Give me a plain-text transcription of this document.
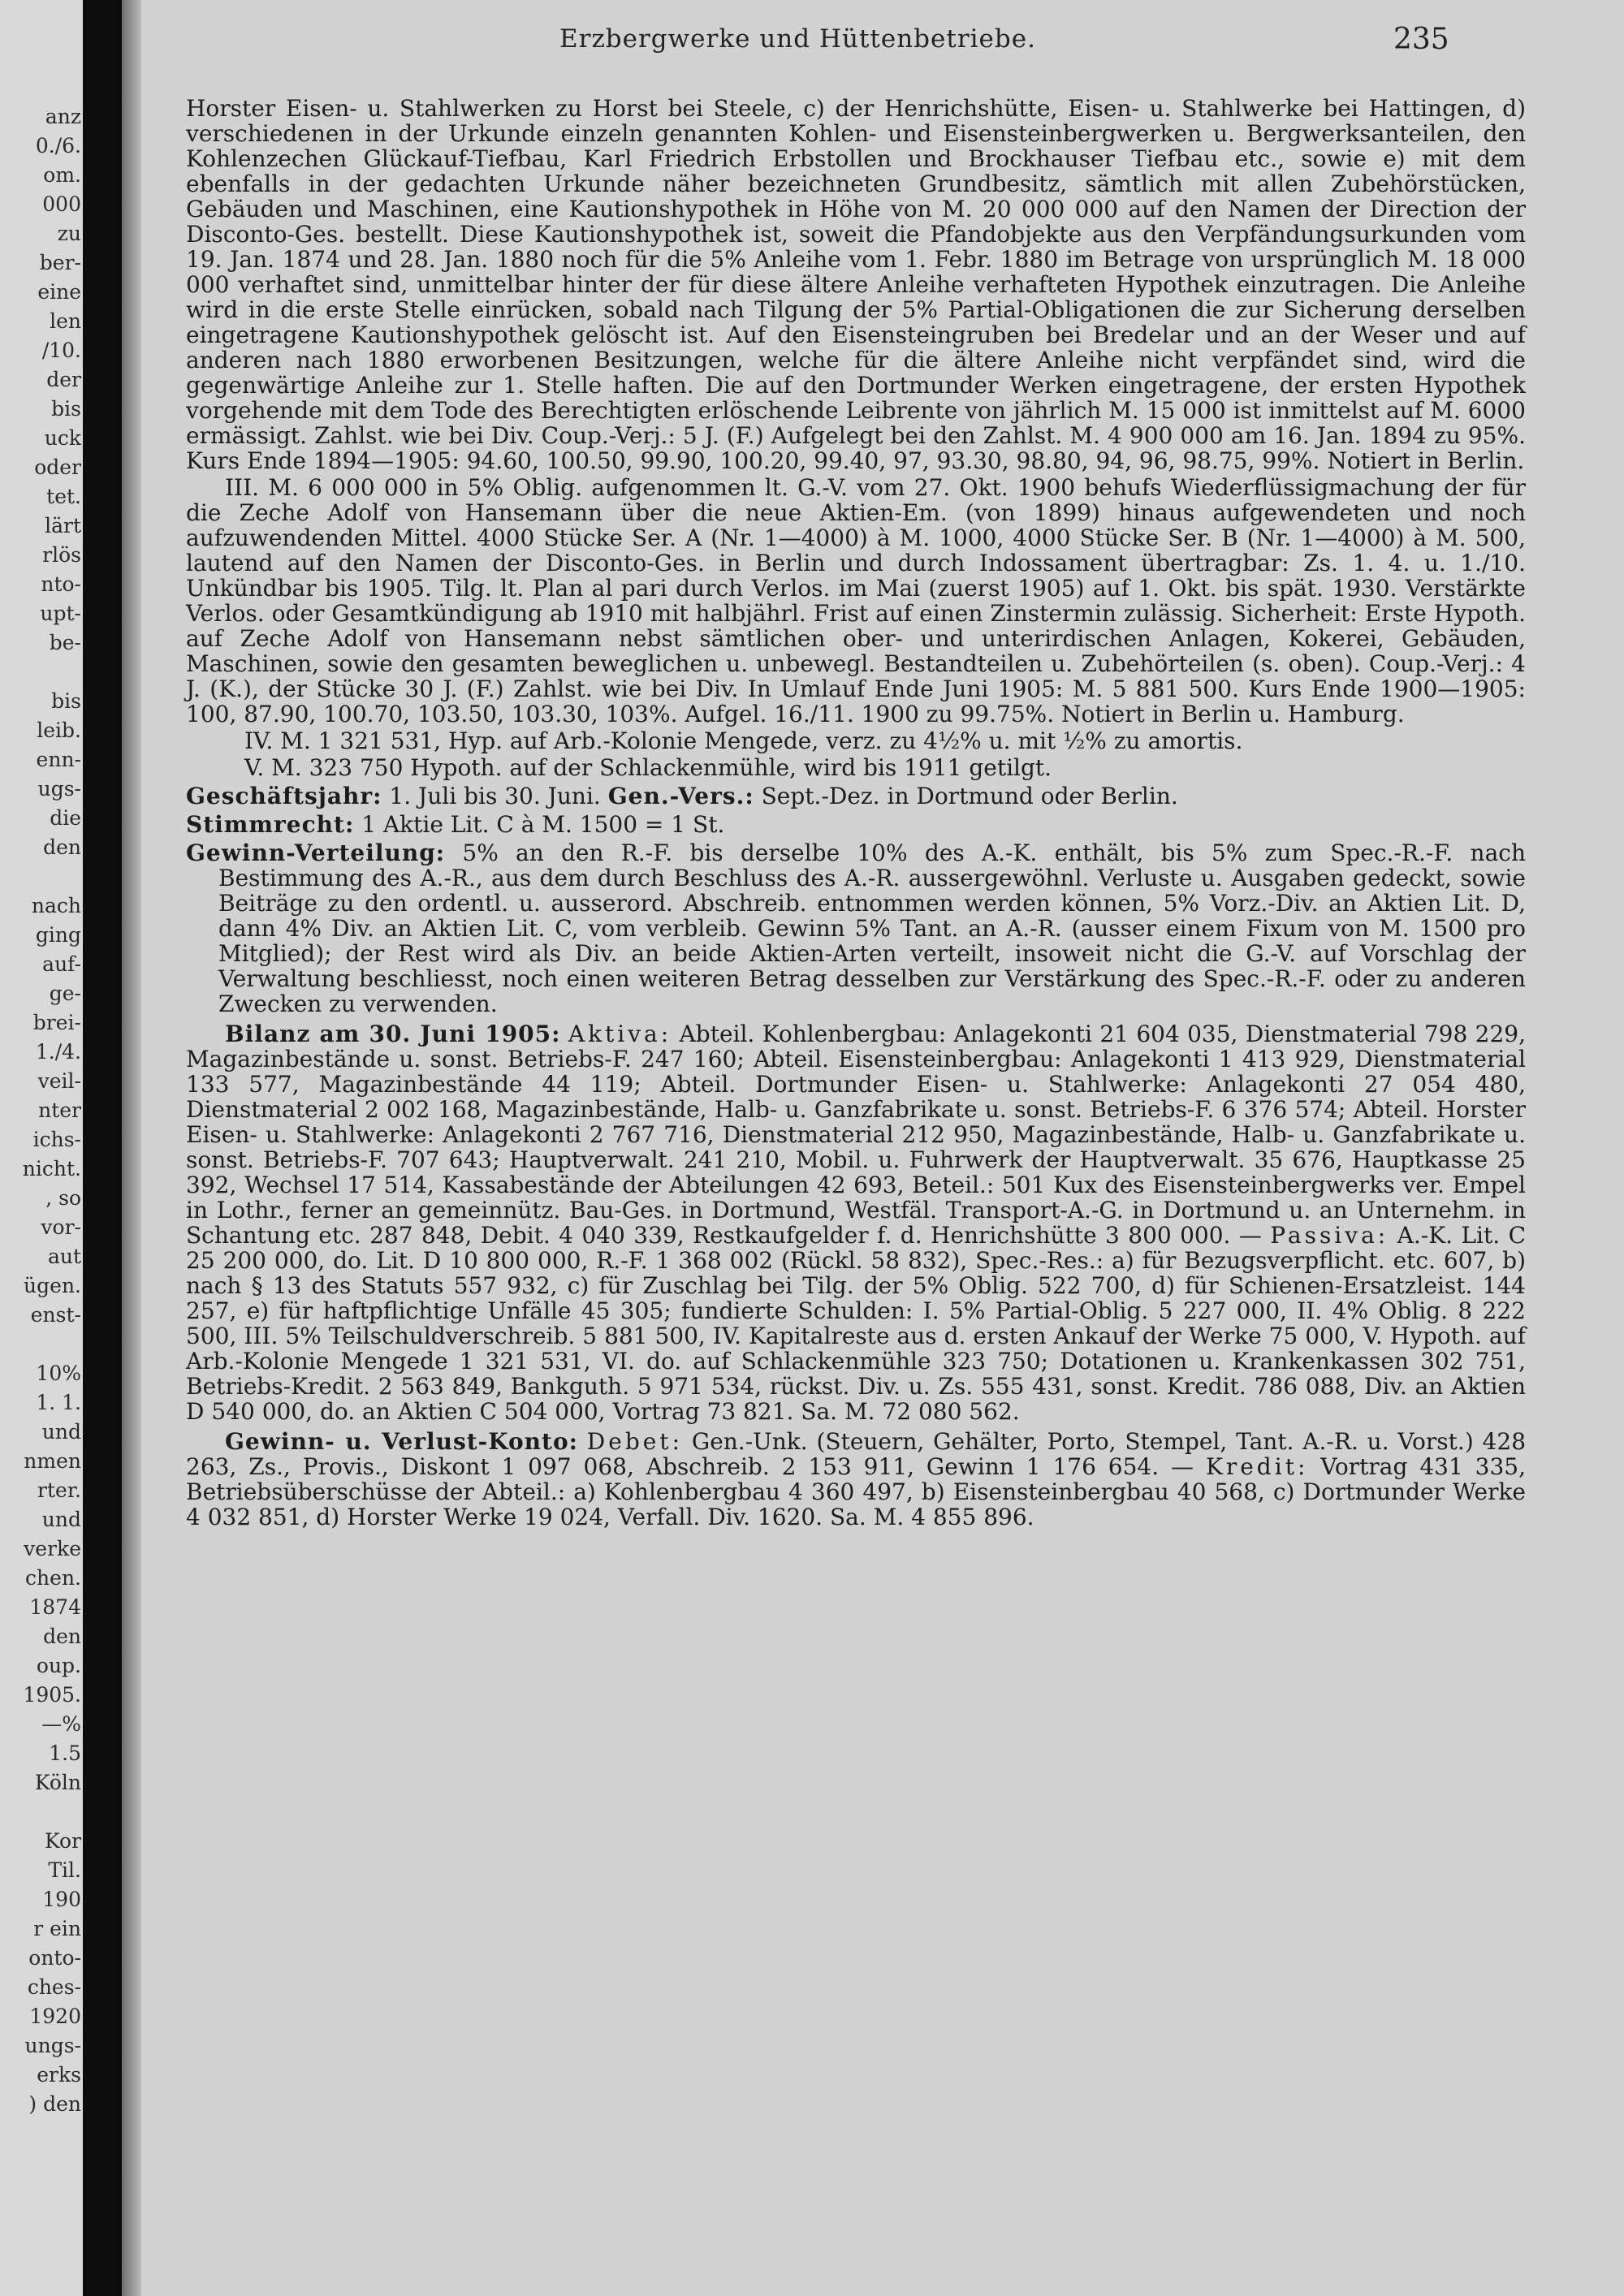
anz
0./6.
om.
000
zu
ber-
eine
len
/10.
der
bis
uck
oder
tet.
lärt
rlös
nto-
upt-
be-
bis
leib.
enn-
ugs-
die
den
nach
ging
auf-
ge-
brei-
1./4.
veil-
nter
ichs-
nicht.
, so
vor-
aut
ügen.
enst-
10%
1. 1.
und
nmen
rter.
und
verke
chen.
1874
den
oup.
1905.
—%
1.5
Köln
Kor
Til.
190
r ein
onto-
ches-
1920
ungs-
erks
) den
Erzbergwerke und Hüttenbetriebe.	235

Horster Eisen- u. Stahlwerken zu Horst bei Steele, c) der Henrichshütte, Eisen- u. Stahlwerke bei Hattingen, d) verschiedenen in der Urkunde einzeln genannten Kohlen- und Eisensteinbergwerken u. Bergwerksanteilen, den Kohlenzechen Glückauf-Tiefbau, Karl Friedrich Erbstollen und Brockhauser Tiefbau etc., sowie e) mit dem ebenfalls in der gedachten Urkunde näher bezeichneten Grundbesitz, sämtlich mit allen Zubehörstücken, Gebäuden und Maschinen, eine Kautionshypothek in Höhe von M. 20 000 000 auf den Namen der Direction der Disconto-Ges. bestellt. Diese Kautionshypothek ist, soweit die Pfandobjekte aus den Verpfändungsurkunden vom 19. Jan. 1874 und 28. Jan. 1880 noch für die 5% Anleihe vom 1. Febr. 1880 im Betrage von ursprünglich M. 18 000 000 verhaftet sind, unmittelbar hinter der für diese ältere Anleihe verhafteten Hypothek einzutragen. Die Anleihe wird in die erste Stelle einrücken, sobald nach Tilgung der 5% Partial-Obligationen die zur Sicherung derselben eingetragene Kautionshypothek gelöscht ist. Auf den Eisensteingruben bei Bredelar und an der Weser und auf anderen nach 1880 erworbenen Besitzungen, welche für die ältere Anleihe nicht verpfändet sind, wird die gegenwärtige Anleihe zur 1. Stelle haften. Die auf den Dortmunder Werken eingetragene, der ersten Hypothek vorgehende mit dem Tode des Berechtigten erlöschende Leibrente von jährlich M. 15 000 ist inmittelst auf M. 6000 ermässigt. Zahlst. wie bei Div. Coup.-Verj.: 5 J. (F.) Aufgelegt bei den Zahlst. M. 4 900 000 am 16. Jan. 1894 zu 95%. Kurs Ende 1894—1905: 94.60, 100.50, 99.90, 100.20, 99.40, 97, 93.30, 98.80, 94, 96, 98.75, 99%. Notiert in Berlin.

III. M. 6 000 000 in 5% Oblig. aufgenommen lt. G.-V. vom 27. Okt. 1900 behufs Wiederflüssigmachung der für die Zeche Adolf von Hansemann über die neue Aktien-Em. (von 1899) hinaus aufgewendeten und noch aufzuwendenden Mittel. 4000 Stücke Ser. A (Nr. 1—4000) à M. 1000, 4000 Stücke Ser. B (Nr. 1—4000) à M. 500, lautend auf den Namen der Disconto-Ges. in Berlin und durch Indossament übertragbar: Zs. 1. 4. u. 1./10. Unkündbar bis 1905. Tilg. lt. Plan al pari durch Verlos. im Mai (zuerst 1905) auf 1. Okt. bis spät. 1930. Verstärkte Verlos. oder Gesamtkündigung ab 1910 mit halbjährl. Frist auf einen Zinstermin zulässig. Sicherheit: Erste Hypoth. auf Zeche Adolf von Hansemann nebst sämtlichen ober- und unterirdischen Anlagen, Kokerei, Gebäuden, Maschinen, sowie den gesamten beweglichen u. unbewegl. Bestandteilen u. Zubehörteilen (s. oben). Coup.-Verj.: 4 J. (K.), der Stücke 30 J. (F.) Zahlst. wie bei Div. In Umlauf Ende Juni 1905: M. 5 881 500. Kurs Ende 1900—1905: 100, 87.90, 100.70, 103.50, 103.30, 103%. Aufgel. 16./11. 1900 zu 99.75%. Notiert in Berlin u. Hamburg.

IV. M. 1 321 531, Hyp. auf Arb.-Kolonie Mengede, verz. zu 4½% u. mit ½% zu amortis.

V. M. 323 750 Hypoth. auf der Schlackenmühle, wird bis 1911 getilgt.

Geschäftsjahr: 1. Juli bis 30. Juni. Gen.-Vers.: Sept.-Dez. in Dortmund oder Berlin.

Stimmrecht: 1 Aktie Lit. C à M. 1500 = 1 St.

Gewinn-Verteilung: 5% an den R.-F. bis derselbe 10% des A.-K. enthält, bis 5% zum Spec.-R.-F. nach Bestimmung des A.-R., aus dem durch Beschluss des A.-R. aussergewöhnl. Verluste u. Ausgaben gedeckt, sowie Beiträge zu den ordentl. u. ausserord. Abschreib. entnommen werden können, 5% Vorz.-Div. an Aktien Lit. D, dann 4% Div. an Aktien Lit. C, vom verbleib. Gewinn 5% Tant. an A.-R. (ausser einem Fixum von M. 1500 pro Mitglied); der Rest wird als Div. an beide Aktien-Arten verteilt, insoweit nicht die G.-V. auf Vorschlag der Verwaltung beschliesst, noch einen weiteren Betrag desselben zur Verstärkung des Spec.-R.-F. oder zu anderen Zwecken zu verwenden.

Bilanz am 30. Juni 1905: Aktiva: Abteil. Kohlenbergbau: Anlagekonti 21 604 035, Dienstmaterial 798 229, Magazinbestände u. sonst. Betriebs-F. 247 160; Abteil. Eisensteinbergbau: Anlagekonti 1 413 929, Dienstmaterial 133 577, Magazinbestände 44 119; Abteil. Dortmunder Eisen- u. Stahlwerke: Anlagekonti 27 054 480, Dienstmaterial 2 002 168, Magazinbestände, Halb- u. Ganzfabrikate u. sonst. Betriebs-F. 6 376 574; Abteil. Horster Eisen- u. Stahlwerke: Anlagekonti 2 767 716, Dienstmaterial 212 950, Magazinbestände, Halb- u. Ganzfabrikate u. sonst. Betriebs-F. 707 643; Hauptverwalt. 241 210, Mobil. u. Fuhrwerk der Hauptverwalt. 35 676, Hauptkasse 25 392, Wechsel 17 514, Kassabestände der Abteilungen 42 693, Beteil.: 501 Kux des Eisensteinbergwerks ver. Empel in Lothr., ferner an gemeinnütz. Bau-Ges. in Dortmund, Westfäl. Transport-A.-G. in Dortmund u. an Unternehm. in Schantung etc. 287 848, Debit. 4 040 339, Restkaufgelder f. d. Henrichshütte 3 800 000. — Passiva: A.-K. Lit. C 25 200 000, do. Lit. D 10 800 000, R.-F. 1 368 002 (Rückl. 58 832), Spec.-Res.: a) für Bezugsverpflicht. etc. 607, b) nach § 13 des Statuts 557 932, c) für Zuschlag bei Tilg. der 5% Oblig. 522 700, d) für Schienen-Ersatzleist. 144 257, e) für haftpflichtige Unfälle 45 305; fundierte Schulden: I. 5% Partial-Oblig. 5 227 000, II. 4% Oblig. 8 222 500, III. 5% Teilschuldverschreib. 5 881 500, IV. Kapitalreste aus d. ersten Ankauf der Werke 75 000, V. Hypoth. auf Arb.-Kolonie Mengede 1 321 531, VI. do. auf Schlackenmühle 323 750; Dotationen u. Krankenkassen 302 751, Betriebs-Kredit. 2 563 849, Bankguth. 5 971 534, rückst. Div. u. Zs. 555 431, sonst. Kredit. 786 088, Div. an Aktien D 540 000, do. an Aktien C 504 000, Vortrag 73 821. Sa. M. 72 080 562.

Gewinn- u. Verlust-Konto: Debet: Gen.-Unk. (Steuern, Gehälter, Porto, Stempel, Tant. A.-R. u. Vorst.) 428 263, Zs., Provis., Diskont 1 097 068, Abschreib. 2 153 911, Gewinn 1 176 654. — Kredit: Vortrag 431 335, Betriebsüberschüsse der Abteil.: a) Kohlenbergbau 4 360 497, b) Eisensteinbergbau 40 568, c) Dortmunder Werke 4 032 851, d) Horster Werke 19 024, Verfall. Div. 1620. Sa. M. 4 855 896.
